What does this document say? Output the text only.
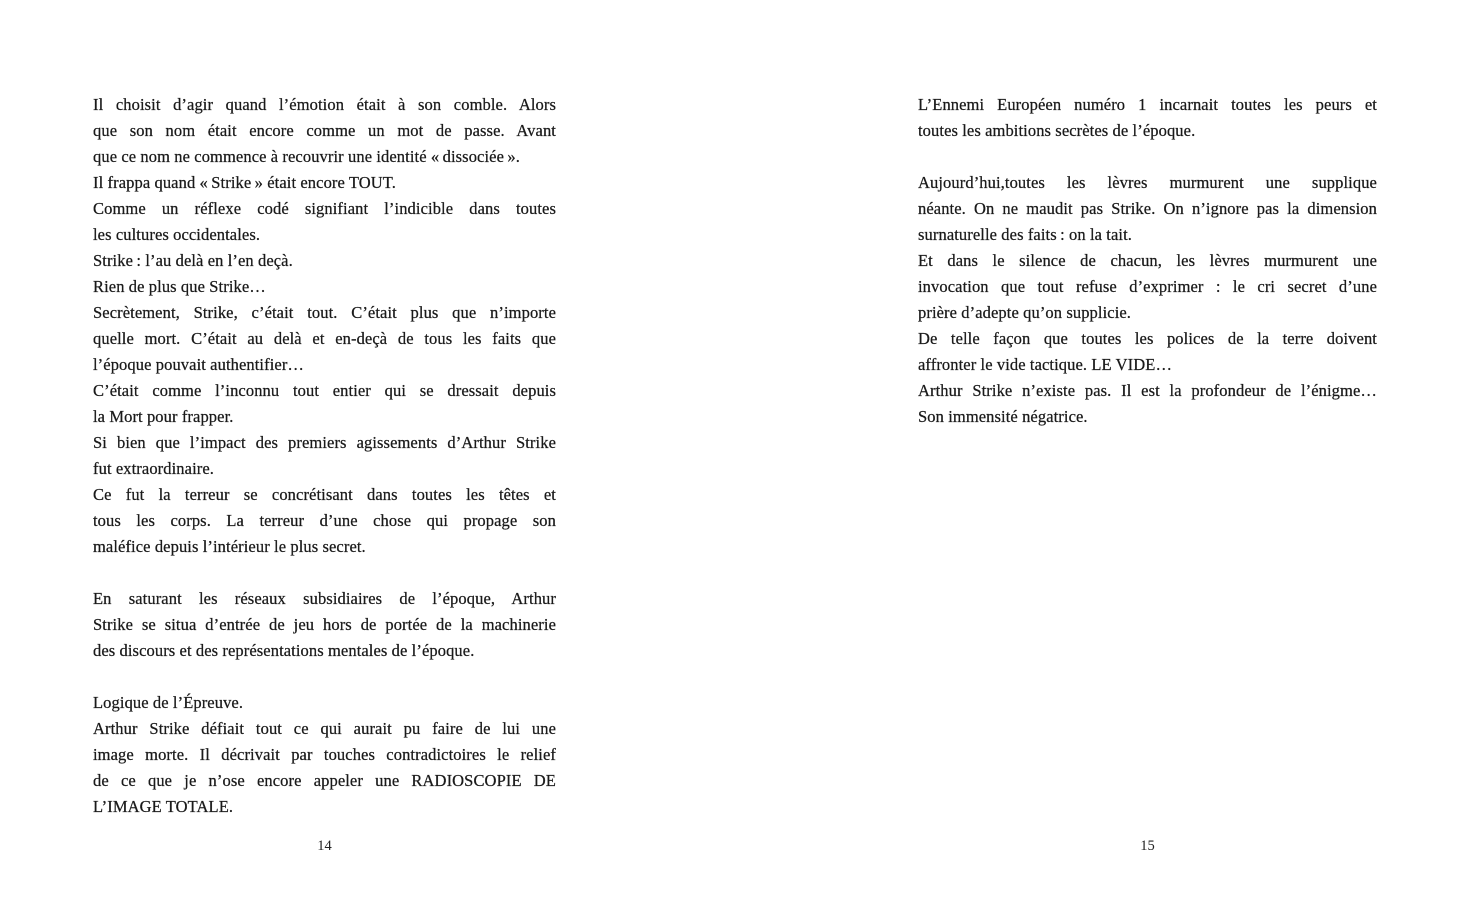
Il choisit d’agir quand l’émotion était à son comble. Alors
que son nom était encore comme un mot de passe. Avant
que ce nom ne commence à recouvrir une identité « dissociée ».
Il frappa quand « Strike » était encore TOUT.
Comme un réflexe codé signifiant l’indicible dans toutes
les cultures occidentales.
Strike : l’au delà en l’en deçà.
Rien de plus que Strike…
Secrètement, Strike, c’était tout. C’était plus que n’importe
quelle mort. C’était au delà et en-deçà de tous les faits que
l’époque pouvait authentifier…
C’était comme l’inconnu tout entier qui se dressait depuis
la Mort pour frapper.
Si bien que l’impact des premiers agissements d’Arthur Strike
fut extraordinaire.
Ce fut la terreur se concrétisant dans toutes les têtes et
tous les corps. La terreur d’une chose qui propage son
maléfice depuis l’intérieur le plus secret.
En saturant les réseaux subsidiaires de l’époque, Arthur
Strike se situa d’entrée de jeu hors de portée de la machinerie
des discours et des représentations mentales de l’époque.
Logique de l’Épreuve.
Arthur Strike défiait tout ce qui aurait pu faire de lui une
image morte. Il décrivait par touches contradictoires le relief
de ce que je n’ose encore appeler une RADIOSCOPIE DE
L’IMAGE TOTALE.
14
L’Ennemi Européen numéro 1 incarnait toutes les peurs et
toutes les ambitions secrètes de l’époque.
Aujourd’hui,toutes les lèvres murmurent une supplique
néante. On ne maudit pas Strike. On n’ignore pas la dimension
surnaturelle des faits : on la tait.
Et dans le silence de chacun, les lèvres murmurent une
invocation que tout refuse d’exprimer : le cri secret d’une
prière d’adepte qu’on supplicie.
De telle façon que toutes les polices de la terre doivent
affronter le vide tactique. LE VIDE…
Arthur Strike n’existe pas. Il est la profondeur de l’énigme…
Son immensité négatrice.
15
